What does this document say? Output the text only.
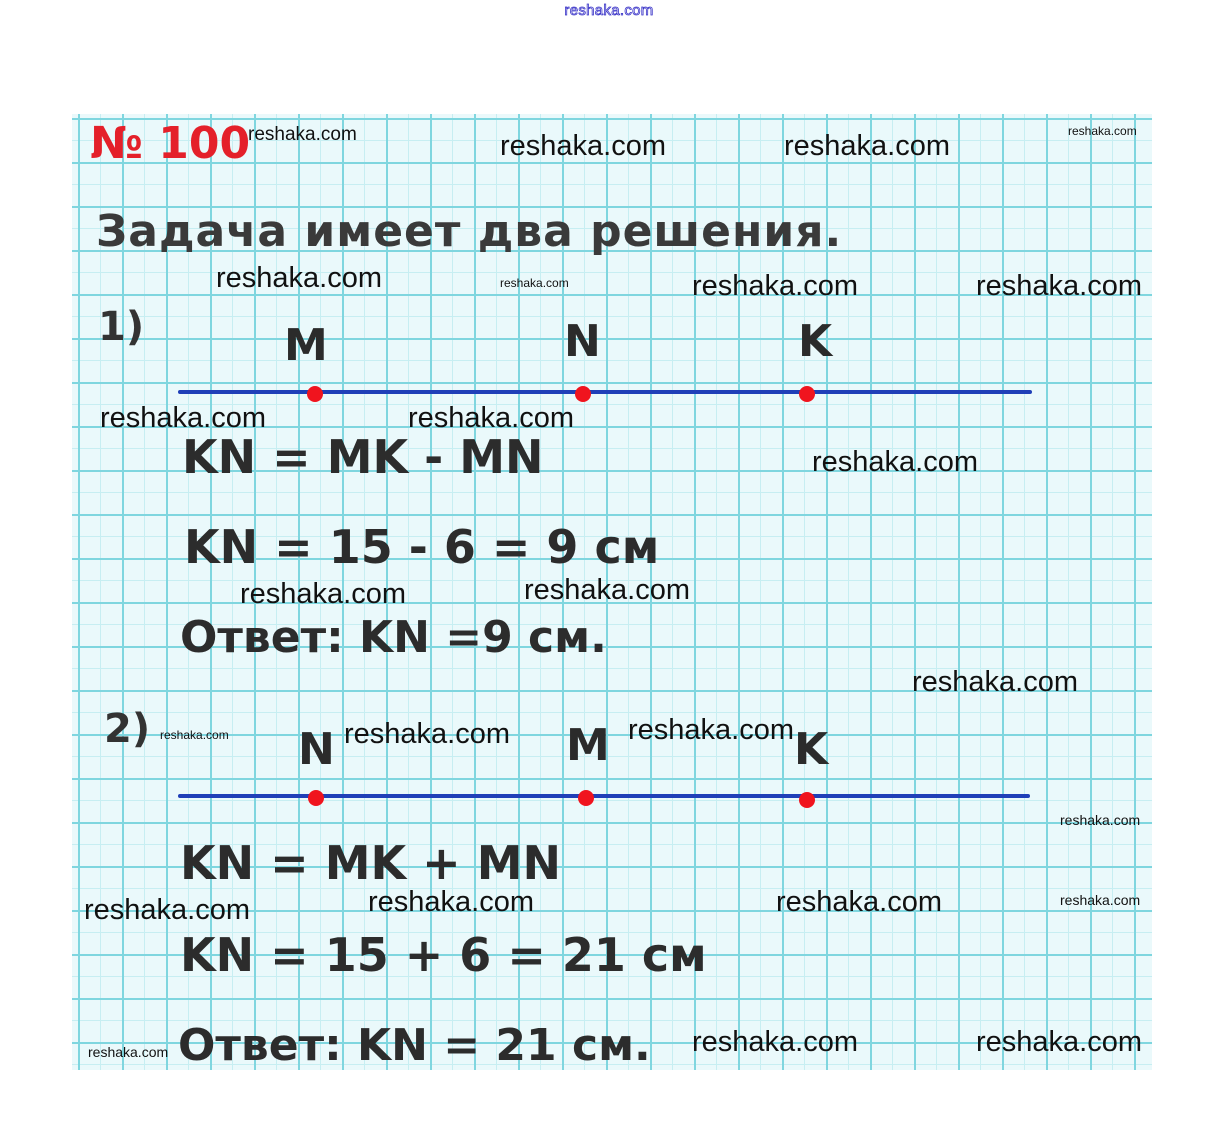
reshaka.com
№ 100
Задача имеет два решения.
1)	M	N	K
KN = MK - MN
KN = 15 - 6 = 9 см
Ответ: KN =9 см.
2)	N	M	K
KN = MK + MN
KN = 15 + 6 = 21 см
Ответ: KN = 21 см.
reshaka.com	reshaka.com	reshaka.com	reshaka.com
reshaka.com	reshaka.com	reshaka.com	reshaka.com
reshaka.com	reshaka.com
reshaka.com
reshaka.com	reshaka.com
reshaka.com
reshaka.com	reshaka.com	reshaka.com
reshaka.com
reshaka.com	reshaka.com	reshaka.com	reshaka.com
reshaka.com	reshaka.com	reshaka.com
